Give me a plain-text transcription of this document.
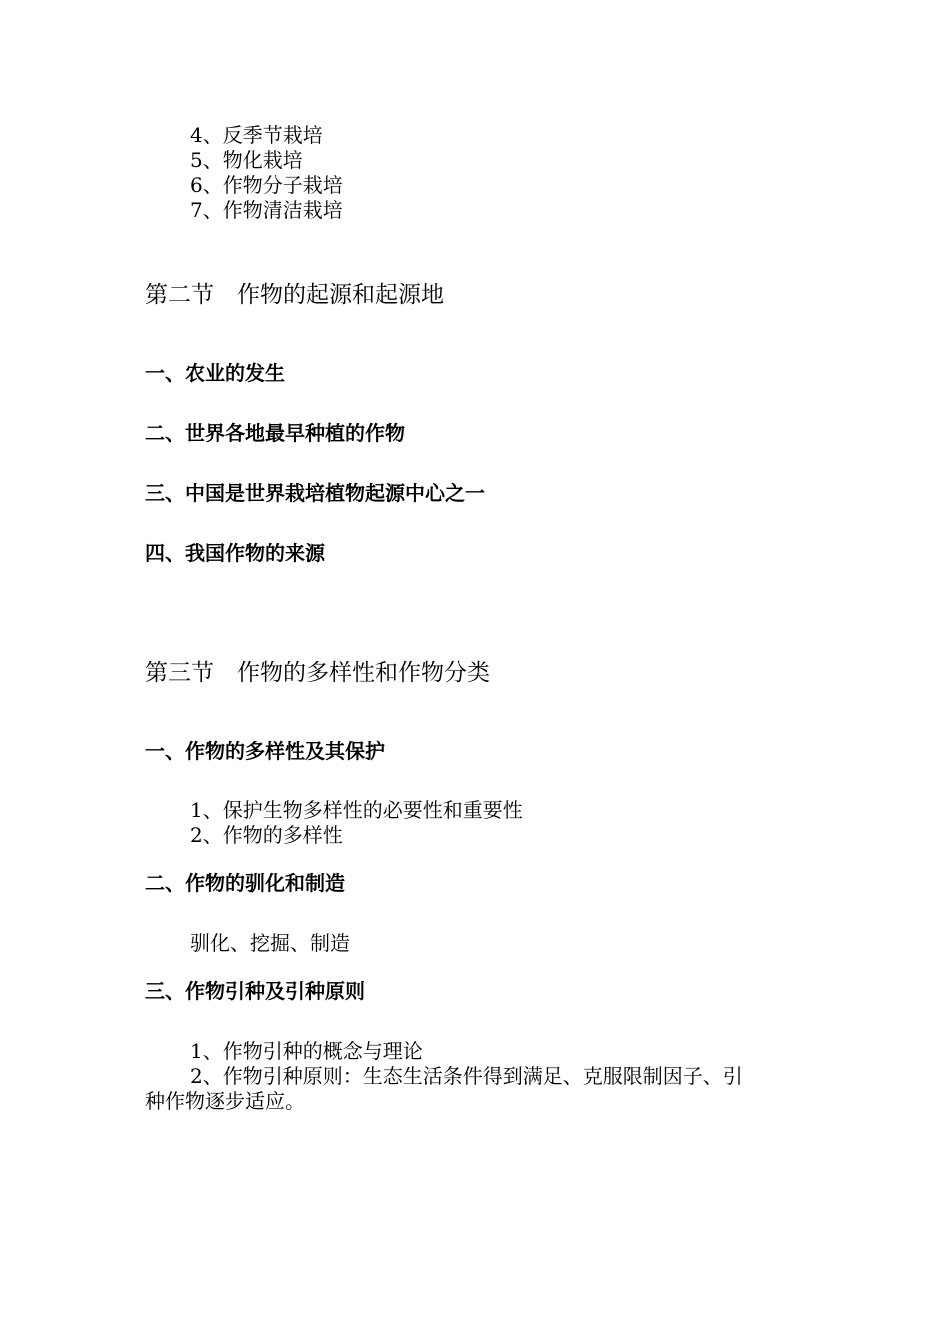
4、反季节栽培
5、物化栽培
6、作物分子栽培
7、作物清洁栽培
第二节　作物的起源和起源地
一、农业的发生
二、世界各地最早种植的作物
三、中国是世界栽培植物起源中心之一
四、我国作物的来源
第三节　作物的多样性和作物分类
一、作物的多样性及其保护
1、保护生物多样性的必要性和重要性
2、作物的多样性
二、作物的驯化和制造
驯化、挖掘、制造
三、作物引种及引种原则
1、作物引种的概念与理论
2、作物引种原则：生态生活条件得到满足、克服限制因子、引
种作物逐步适应。
